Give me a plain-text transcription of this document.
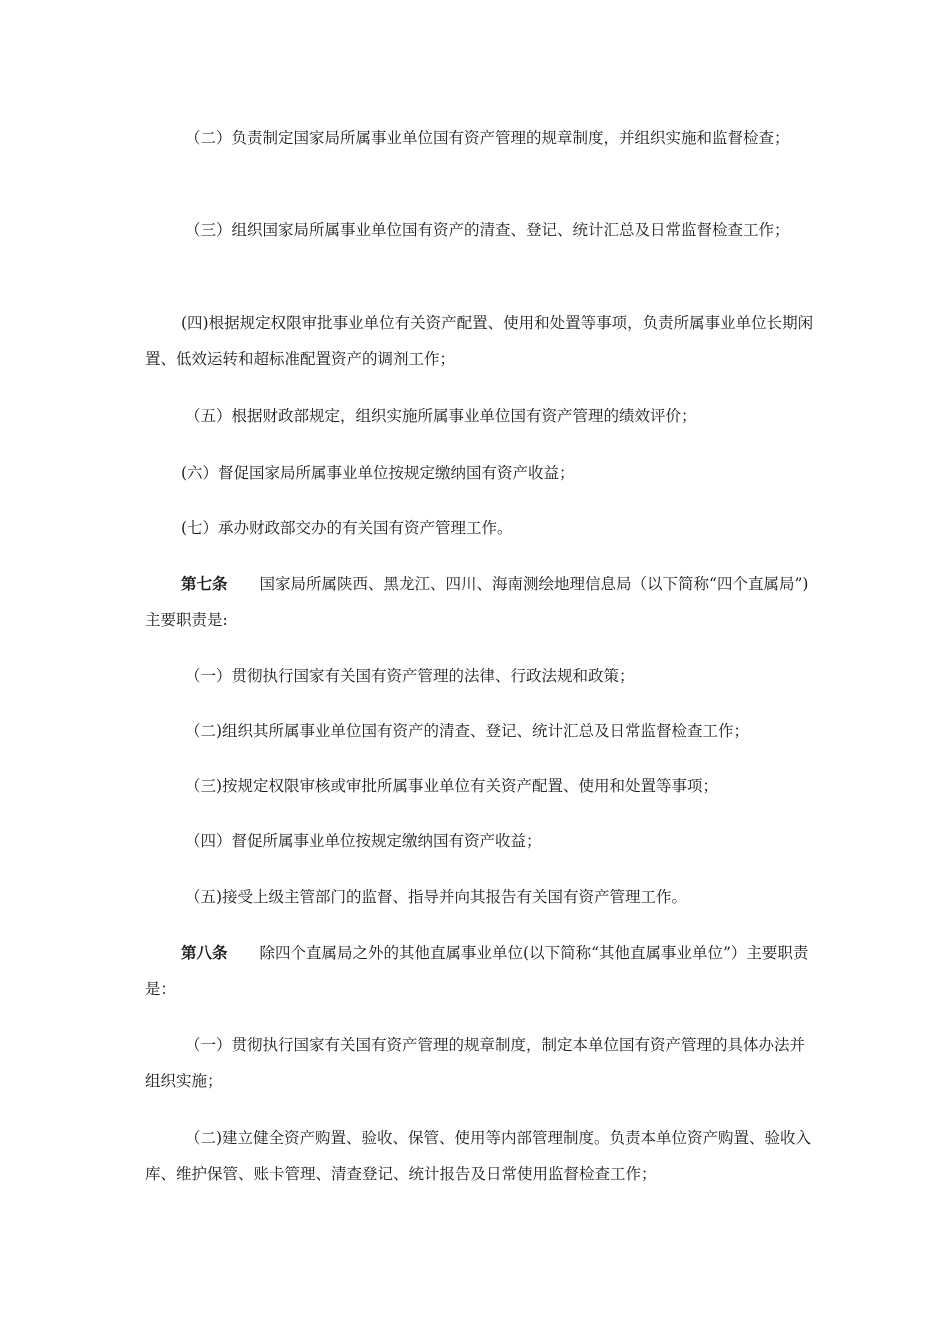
（二）负责制定国家局所属事业单位国有资产管理的规章制度，并组织实施和监督检查；

（三）组织国家局所属事业单位国有资产的清查、登记、统计汇总及日常监督检查工作；

(四)根据规定权限审批事业单位有关资产配置、使用和处置等事项，负责所属事业单位长期闲置、低效运转和超标准配置资产的调剂工作；

（五）根据财政部规定，组织实施所属事业单位国有资产管理的绩效评价；

(六）督促国家局所属事业单位按规定缴纳国有资产收益；

(七）承办财政部交办的有关国有资产管理工作。

第七条 国家局所属陕西、黑龙江、四川、海南测绘地理信息局（以下简称“四个直属局”)主要职责是:

（一）贯彻执行国家有关国有资产管理的法律、行政法规和政策；

（二)组织其所属事业单位国有资产的清查、登记、统计汇总及日常监督检查工作；

（三)按规定权限审核或审批所属事业单位有关资产配置、使用和处置等事项；

（四）督促所属事业单位按规定缴纳国有资产收益；

（五)接受上级主管部门的监督、指导并向其报告有关国有资产管理工作。

第八条 除四个直属局之外的其他直属事业单位(以下简称“其他直属事业单位”）主要职责是：

（一）贯彻执行国家有关国有资产管理的规章制度，制定本单位国有资产管理的具体办法并组织实施；

（二)建立健全资产购置、验收、保管、使用等内部管理制度。负责本单位资产购置、验收入库、维护保管、账卡管理、清查登记、统计报告及日常使用监督检查工作；
